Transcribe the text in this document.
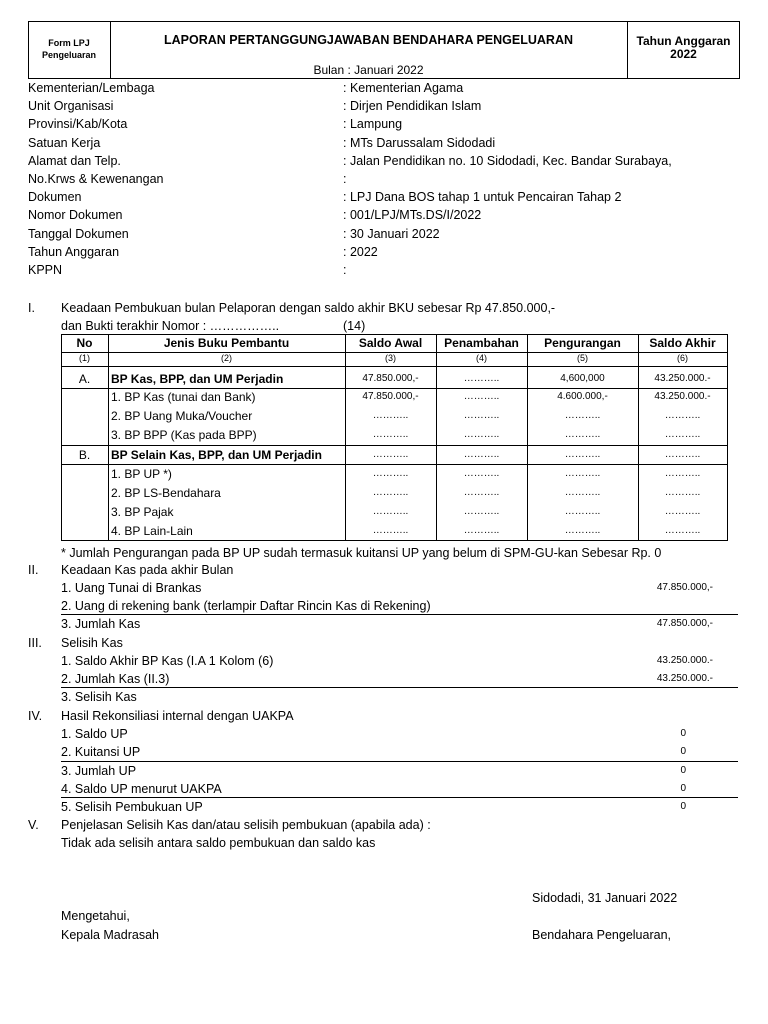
Form LPJ
Pengeluaran
LAPORAN PERTANGGUNGJAWABAN BENDAHARA PENGELUARAN
Bulan : Januari 2022
Tahun Anggaran
2022
Kementerian/Lembaga	: Kementerian Agama
Unit Organisasi	: Dirjen Pendidikan Islam
Provinsi/Kab/Kota	: Lampung
Satuan Kerja	: MTs Darussalam Sidodadi
Alamat dan Telp.	: Jalan Pendidikan no. 10 Sidodadi, Kec. Bandar Surabaya,
No.Krws & Kewenangan	:
Dokumen	: LPJ Dana BOS tahap 1 untuk Pencairan Tahap 2
Nomor Dokumen	: 001/LPJ/MTs.DS/I/2022
Tanggal Dokumen	: 30 Januari 2022
Tahun Anggaran	: 2022
KPPN	:
I. Keadaan Pembukuan bulan Pelaporan dengan saldo akhir BKU sebesar Rp 47.850.000,-
dan Bukti terakhir Nomor : ……………..	(14)
No	Jenis Buku Pembantu	Saldo Awal	Penambahan	Pengurangan	Saldo Akhir
(1)	(2)	(3)	(4)	(5)	(6)
A.	BP Kas, BPP, dan UM Perjadin	47.850.000,-	………..	4,600,000	43.250.000.-
1. BP Kas (tunai dan Bank)	47.850.000,-	………..	4.600.000,-	43.250.000.-
2. BP Uang Muka/Voucher	………..	………..	………..	………..
3. BP BPP (Kas pada BPP)	………..	………..	………..	………..
B.	BP Selain Kas, BPP, dan UM Perjadin	………..	………..	………..	………..
1. BP UP *)	………..	………..	………..	………..
2. BP LS-Bendahara	………..	………..	………..	………..
3. BP Pajak	………..	………..	………..	………..
4. BP Lain-Lain	………..	………..	………..	………..
* Jumlah Pengurangan pada BP UP sudah termasuk kuitansi UP yang belum di SPM-GU-kan Sebesar Rp. 0
II. Keadaan Kas pada akhir Bulan
1. Uang Tunai di Brankas	47.850.000,-
2. Uang di rekening bank (terlampir Daftar Rincin Kas di Rekening)
3. Jumlah Kas	47.850.000,-
III. Selisih Kas
1. Saldo Akhir BP Kas (I.A 1 Kolom (6)	43.250.000.-
2. Jumlah Kas (II.3)	43.250.000.-
3. Selisih Kas
IV. Hasil Rekonsiliasi internal dengan UAKPA
1. Saldo UP	0
2. Kuitansi UP	0
3. Jumlah UP	0
4. Saldo UP menurut UAKPA	0
5. Selisih Pembukuan UP	0
V. Penjelasan Selisih Kas dan/atau selisih pembukuan (apabila ada) :
Tidak ada selisih antara saldo pembukuan dan saldo kas
Sidodadi, 31 Januari 2022
Mengetahui,
Kepala Madrasah	Bendahara Pengeluaran,
